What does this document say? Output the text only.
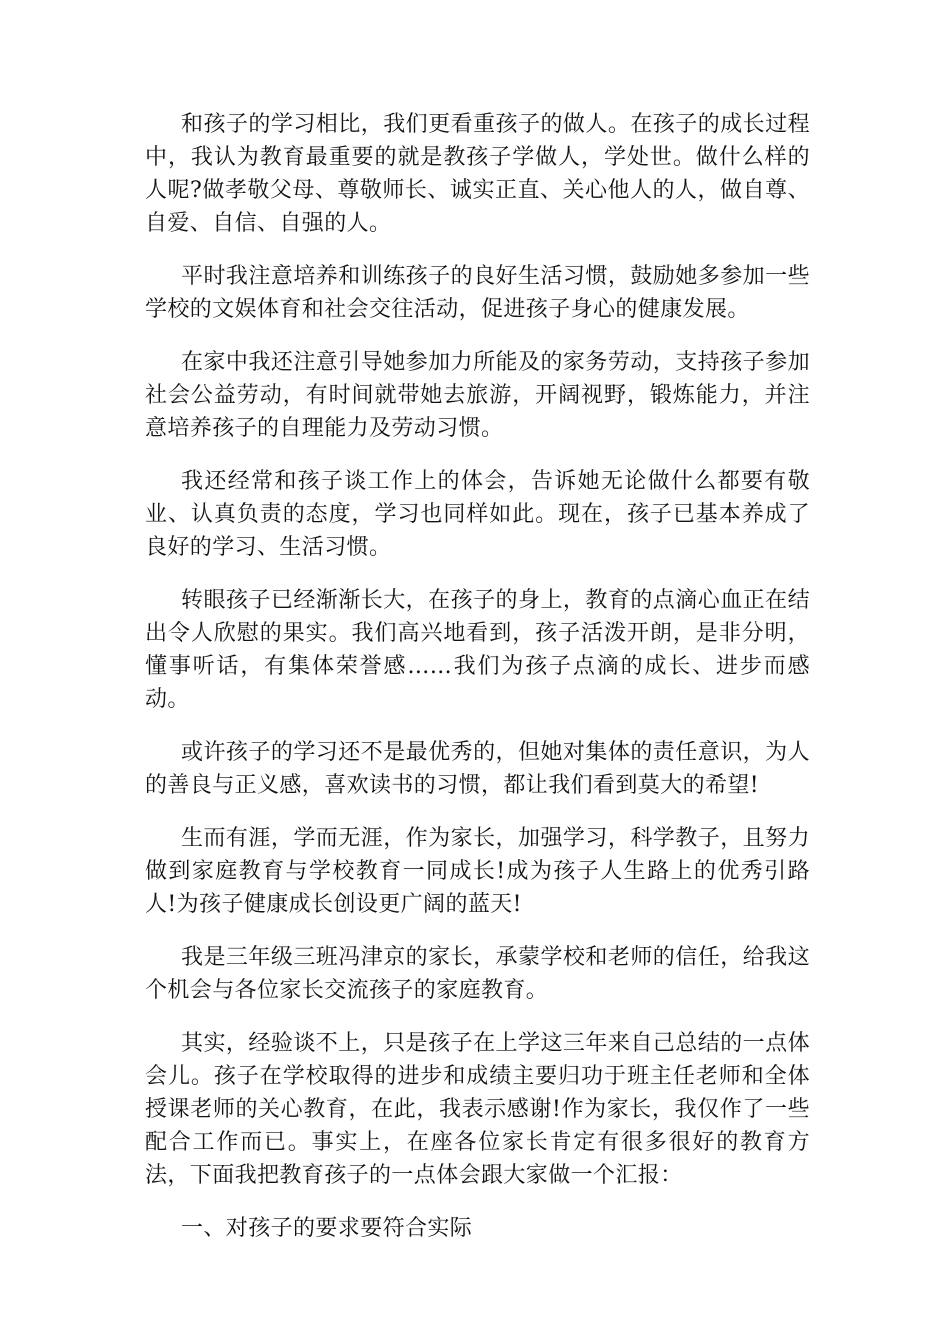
和孩子的学习相比，我们更看重孩子的做人。在孩子的成长过程中，我认为教育最重要的就是教孩子学做人，学处世。做什么样的人呢?做孝敬父母、尊敬师长、诚实正直、关心他人的人，做自尊、自爱、自信、自强的人。

平时我注意培养和训练孩子的良好生活习惯，鼓励她多参加一些学校的文娱体育和社会交往活动，促进孩子身心的健康发展。

在家中我还注意引导她参加力所能及的家务劳动，支持孩子参加社会公益劳动，有时间就带她去旅游，开阔视野，锻炼能力，并注意培养孩子的自理能力及劳动习惯。

我还经常和孩子谈工作上的体会，告诉她无论做什么都要有敬业、认真负责的态度，学习也同样如此。现在，孩子已基本养成了良好的学习、生活习惯。

转眼孩子已经渐渐长大，在孩子的身上，教育的点滴心血正在结出令人欣慰的果实。我们高兴地看到，孩子活泼开朗，是非分明，懂事听话，有集体荣誉感……我们为孩子点滴的成长、进步而感动。

或许孩子的学习还不是最优秀的，但她对集体的责任意识，为人的善良与正义感，喜欢读书的习惯，都让我们看到莫大的希望!

生而有涯，学而无涯，作为家长，加强学习，科学教子，且努力做到家庭教育与学校教育一同成长!成为孩子人生路上的优秀引路人!为孩子健康成长创设更广阔的蓝天!

我是三年级三班冯津京的家长，承蒙学校和老师的信任，给我这个机会与各位家长交流孩子的家庭教育。

其实，经验谈不上，只是孩子在上学这三年来自己总结的一点体会儿。孩子在学校取得的进步和成绩主要归功于班主任老师和全体授课老师的关心教育，在此，我表示感谢!作为家长，我仅作了一些配合工作而已。事实上，在座各位家长肯定有很多很好的教育方法，下面我把教育孩子的一点体会跟大家做一个汇报：

一、对孩子的要求要符合实际
